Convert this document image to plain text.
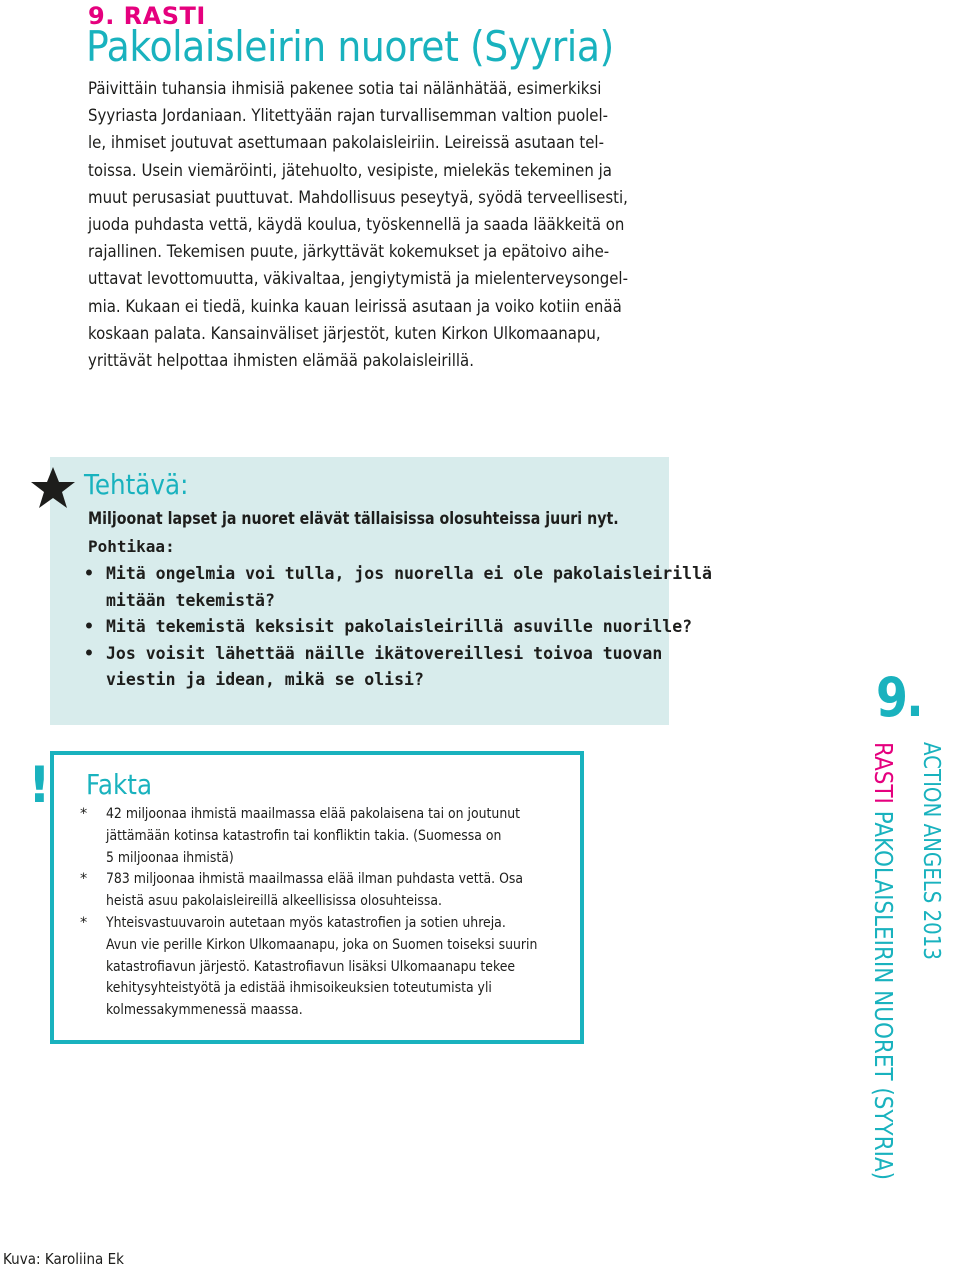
9. RASTI
Pakolaisleirin nuoret (Syyria)
Päivittäin tuhansia ihmisiä pakenee sotia tai nälänhätää, esimerkiksi
Syyriasta Jordaniaan. Ylitettyään rajan turvallisemman valtion puolel-
le, ihmiset joutuvat asettumaan pakolaisleiriin. Leireissä asutaan tel-
toissa. Usein viemäröinti, jätehuolto, vesipiste, mielekäs tekeminen ja
muut perusasiat puuttuvat. Mahdollisuus peseytyä, syödä terveellisesti,
juoda puhdasta vettä, käydä koulua, työskennellä ja saada lääkkeitä on
rajallinen. Tekemisen puute, järkyttävät kokemukset ja epätoivo aihe-
uttavat levottomuutta, väkivaltaa, jengiytymistä ja mielenterveysongel-
mia. Kukaan ei tiedä, kuinka kauan leirissä asutaan ja voiko kotiin enää
koskaan palata. Kansainväliset järjestöt, kuten Kirkon Ulkomaanapu,
yrittävät helpottaa ihmisten elämää pakolaisleirillä.
Tehtävä:
Miljoonat lapset ja nuoret elävät tällaisissa olosuhteissa juuri nyt.
Pohtikaa:
• Mitä ongelmia voi tulla, jos nuorella ei ole pakolaisleirillä
mitään tekemistä?
• Mitä tekemistä keksisit pakolaisleirillä asuville nuorille?
• Jos voisit lähettää näille ikätovereillesi toivoa tuovan
viestin ja idean, mikä se olisi?
! Fakta
* 42 miljoonaa ihmistä maailmassa elää pakolaisena tai on joutunut
jättämään kotinsa katastrofin tai konfliktin takia. (Suomessa on
5 miljoonaa ihmistä)
* 783 miljoonaa ihmistä maailmassa elää ilman puhdasta vettä. Osa
heistä asuu pakolaisleireillä alkeellisissa olosuhteissa.
* Yhteisvastuuvaroin autetaan myös katastrofien ja sotien uhreja.
Avun vie perille Kirkon Ulkomaanapu, joka on Suomen toiseksi suurin
katastrofiavun järjestö. Katastrofiavun lisäksi Ulkomaanapu tekee
kehitysyhteistyötä ja edistää ihmisoikeuksien toteutumista yli
kolmessakymmenessä maassa.
9.
RASTI PAKOLAISLEIRIN NUORET (SYYRIA) ACTION ANGELS 2013
Kuva: Karoliina Ek
